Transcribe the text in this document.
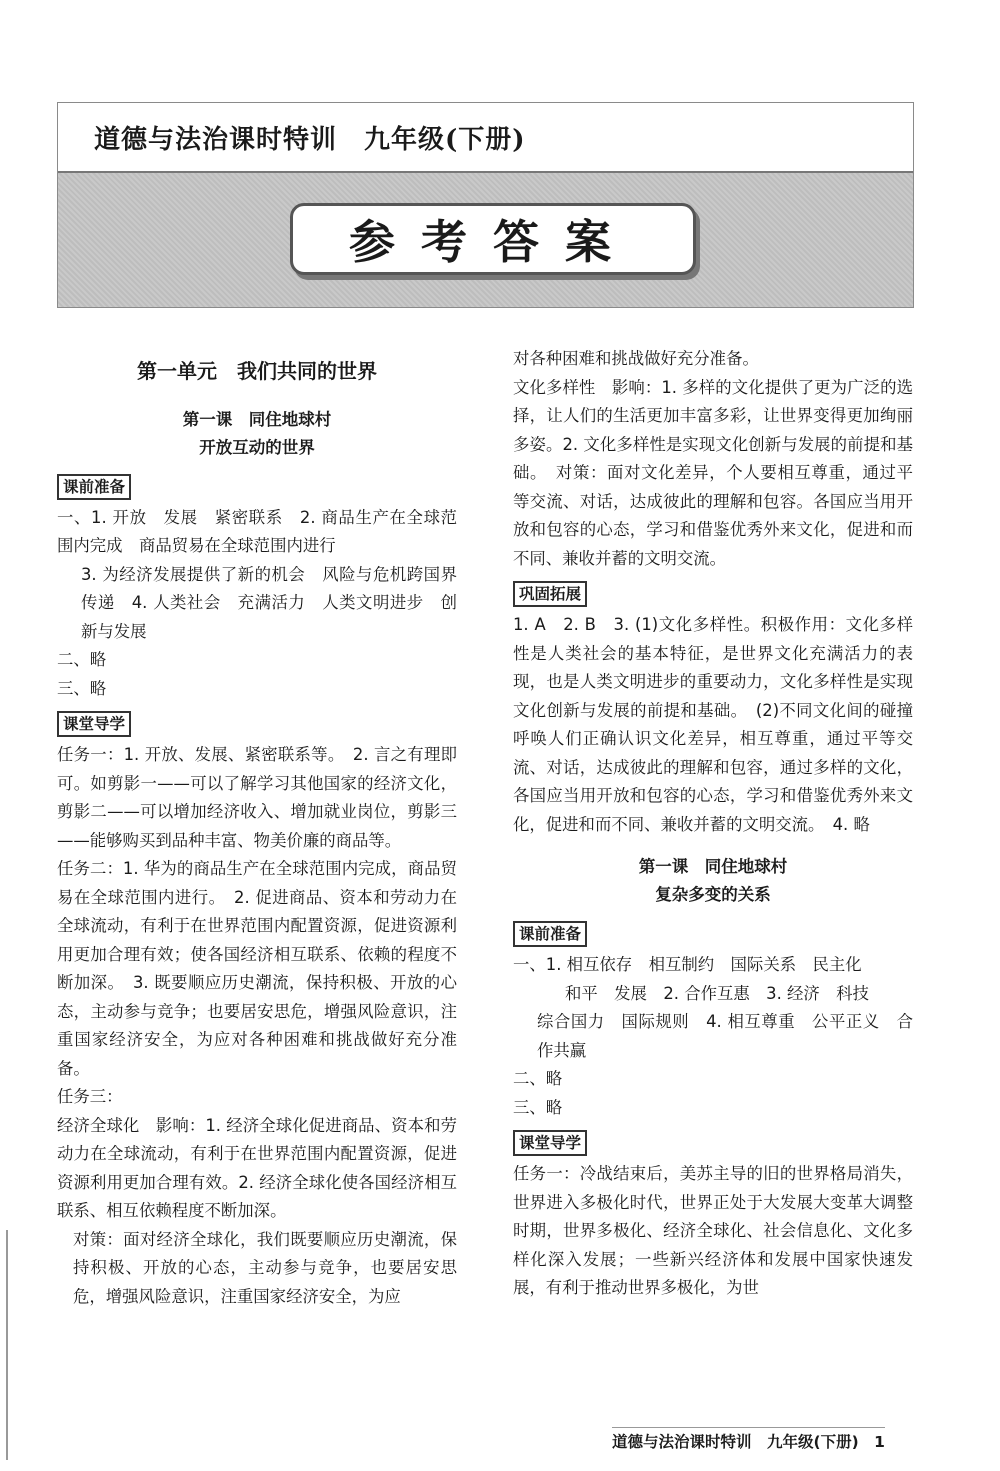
道德与法治课时特训　九年级(下册)
参考答案
第一单元　我们共同的世界
第一课　同住地球村
开放互动的世界
课前准备

一、1. 开放　发展　紧密联系　2. 商品生产在全球范围内完成　商品贸易在全球范围内进行

3. 为经济发展提供了新的机会　风险与危机跨国界传递　4. 人类社会　充满活力　人类文明进步　创新与发展

二、略

三、略

课堂导学

任务一：1. 开放、发展、紧密联系等。　2. 言之有理即可。如剪影一——可以了解学习其他国家的经济文化，剪影二——可以增加经济收入、增加就业岗位，剪影三——能够购买到品种丰富、物美价廉的商品等。

任务二：1. 华为的商品生产在全球范围内完成，商品贸易在全球范围内进行。　2. 促进商品、资本和劳动力在全球流动，有利于在世界范围内配置资源，促进资源利用更加合理有效；使各国经济相互联系、依赖的程度不断加深。　3. 既要顺应历史潮流，保持积极、开放的心态，主动参与竞争；也要居安思危，增强风险意识，注重国家经济安全，为应对各种困难和挑战做好充分准备。

任务三：

经济全球化　影响：1. 经济全球化促进商品、资本和劳动力在全球流动，有利于在世界范围内配置资源，促进资源利用更加合理有效。2. 经济全球化使各国经济相互联系、相互依赖程度不断加深。

对策：面对经济全球化，我们既要顺应历史潮流，保持积极、开放的心态，主动参与竞争，也要居安思危，增强风险意识，注重国家经济安全，为应

对各种困难和挑战做好充分准备。

文化多样性　影响：1. 多样的文化提供了更为广泛的选择，让人们的生活更加丰富多彩，让世界变得更加绚丽多姿。2. 文化多样性是实现文化创新与发展的前提和基础。　对策：面对文化差异，个人要相互尊重，通过平等交流、对话，达成彼此的理解和包容。各国应当用开放和包容的心态，学习和借鉴优秀外来文化，促进和而不同、兼收并蓄的文明交流。

巩固拓展

1. A　2. B　3. (1)文化多样性。积极作用：文化多样性是人类社会的基本特征，是世界文化充满活力的表现，也是人类文明进步的重要动力，文化多样性是实现文化创新与发展的前提和基础。　(2)不同文化间的碰撞呼唤人们正确认识文化差异，相互尊重，通过平等交流、对话，达成彼此的理解和包容，通过多样的文化，各国应当用开放和包容的心态，学习和借鉴优秀外来文化，促进和而不同、兼收并蓄的文明交流。　4. 略

第一课　同住地球村
复杂多变的关系
课前准备

一、1. 相互依存　相互制约　国际关系　民主化

和平　发展　2. 合作互惠　3. 经济　科技

综合国力　国际规则　4. 相互尊重　公平正义　合作共赢

二、略

三、略

课堂导学

任务一：冷战结束后，美苏主导的旧的世界格局消失，世界进入多极化时代，世界正处于大发展大变革大调整时期，世界多极化、经济全球化、社会信息化、文化多样化深入发展；一些新兴经济体和发展中国家快速发展，有利于推动世界多极化，为世

道德与法治课时特训　九年级(下册)　1
